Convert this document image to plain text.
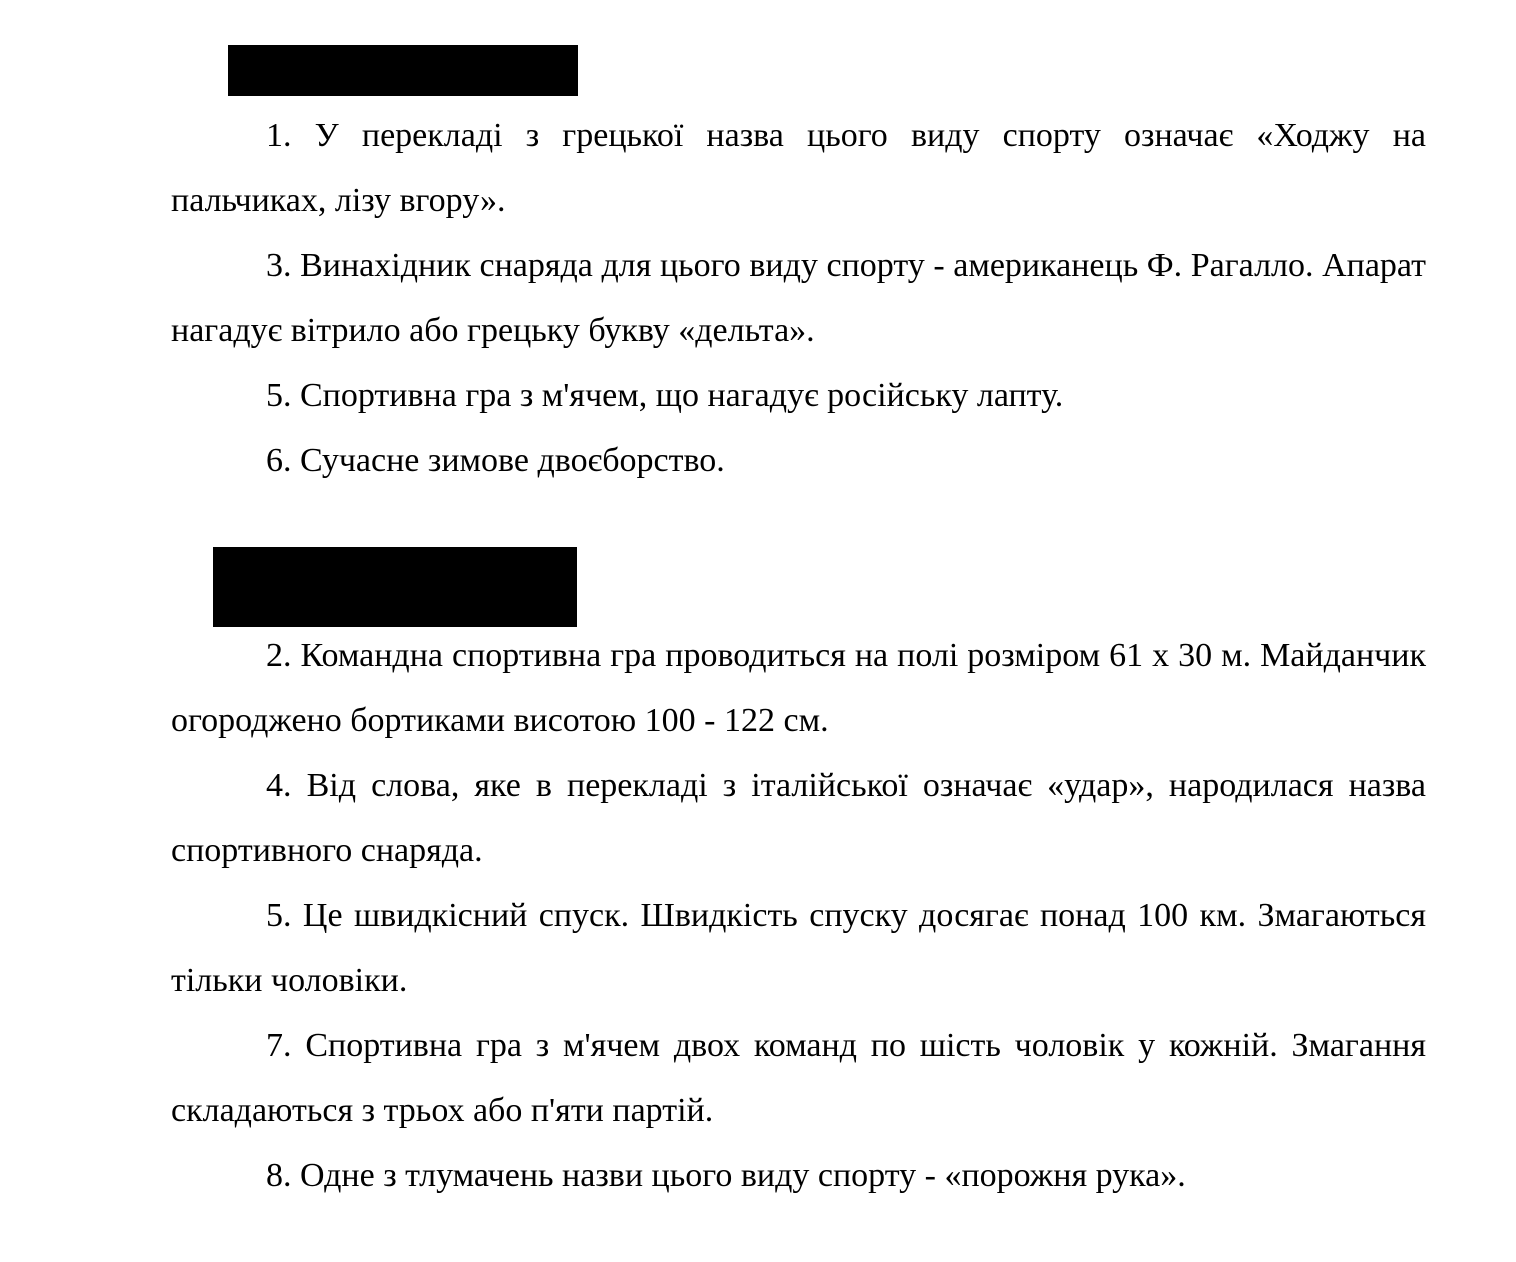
1. У перекладі з грецької назва цього виду спорту означає «Ходжу на пальчиках, лізу вгору».

3. Винахідник снаряда для цього виду спорту - американець Ф. Рагалло. Апарат нагадує вітрило або грецьку букву «дельта».

5. Спортивна гра з м'ячем, що нагадує російську лапту.

6. Сучасне зимове двоєборство.

2. Командна спортивна гра проводиться на полі розміром 61 x 30 м. Майданчик огороджено бортиками висотою 100 - 122 см.

4. Від слова, яке в перекладі з італійської означає «удар», народилася назва спортивного снаряда.

5. Це швидкісний спуск. Швидкість спуску досягає понад 100 км. Змагаються тільки чоловіки.

7. Спортивна гра з м'ячем двох команд по шість чоловік у кожній. Змагання складаються з трьох або п'яти партій.

8. Одне з тлумачень назви цього виду спорту - «порожня рука».
